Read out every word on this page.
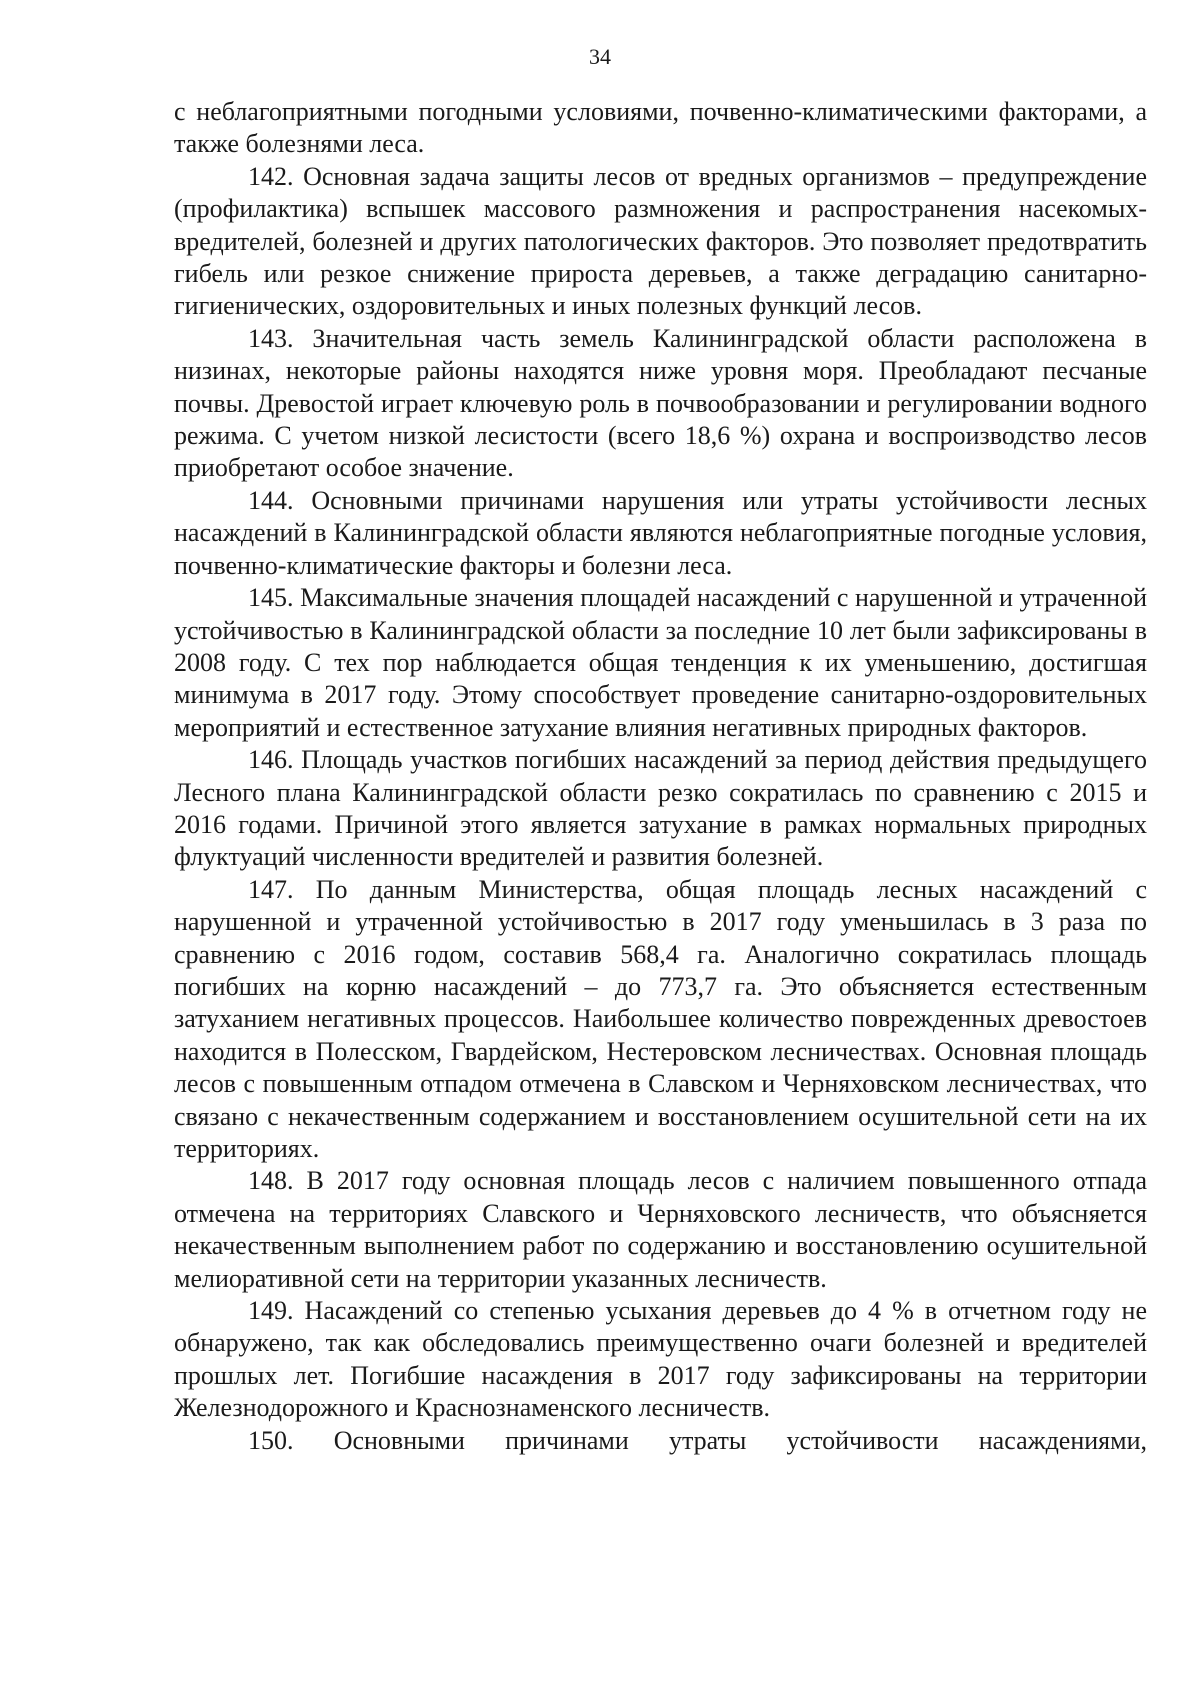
34

с неблагоприятными погодными условиями, почвенно-климатическими факторами, а также болезнями леса.

142. Основная задача защиты лесов от вредных организмов – предупреждение (профилактика) вспышек массового размножения и распространения насекомых-вредителей, болезней и других патологических факторов. Это позволяет предотвратить гибель или резкое снижение прироста деревьев, а также деградацию санитарно-гигиенических, оздоровительных и иных полезных функций лесов.

143. Значительная часть земель Калининградской области расположена в низинах, некоторые районы находятся ниже уровня моря. Преобладают песчаные почвы. Древостой играет ключевую роль в почвообразовании и регулировании водного режима. С учетом низкой лесистости (всего 18,6 %) охрана и воспроизводство лесов приобретают особое значение.

144. Основными причинами нарушения или утраты устойчивости лесных насаждений в Калининградской области являются неблагоприятные погодные условия, почвенно-климатические факторы и болезни леса.

145. Максимальные значения площадей насаждений с нарушенной и утраченной устойчивостью в Калининградской области за последние 10 лет были зафиксированы в 2008 году. С тех пор наблюдается общая тенденция к их уменьшению, достигшая минимума в 2017 году. Этому способствует проведение санитарно-оздоровительных мероприятий и естественное затухание влияния негативных природных факторов.

146. Площадь участков погибших насаждений за период действия предыдущего Лесного плана Калининградской области резко сократилась по сравнению с 2015 и 2016 годами. Причиной этого является затухание в рамках нормальных природных флуктуаций численности вредителей и развития болезней.

147. По данным Министерства, общая площадь лесных насаждений с нарушенной и утраченной устойчивостью в 2017 году уменьшилась в 3 раза по сравнению с 2016 годом, составив 568,4 га. Аналогично сократилась площадь погибших на корню насаждений – до 773,7 га. Это объясняется естественным затуханием негативных процессов. Наибольшее количество поврежденных древостоев находится в Полесском, Гвардейском, Нестеровском лесничествах. Основная площадь лесов с повышенным отпадом отмечена в Славском и Черняховском лесничествах, что связано с некачественным содержанием и восстановлением осушительной сети на их территориях.

148. В 2017 году основная площадь лесов с наличием повышенного отпада отмечена на территориях Славского и Черняховского лесничеств, что объясняется некачественным выполнением работ по содержанию и восстановлению осушительной мелиоративной сети на территории указанных лесничеств.

149. Насаждений со степенью усыхания деревьев до 4 % в отчетном году не обнаружено, так как обследовались преимущественно очаги болезней и вредителей прошлых лет. Погибшие насаждения в 2017 году зафиксированы на территории Железнодорожного и Краснознаменского лесничеств.

150. Основными причинами утраты устойчивости насаждениями,
